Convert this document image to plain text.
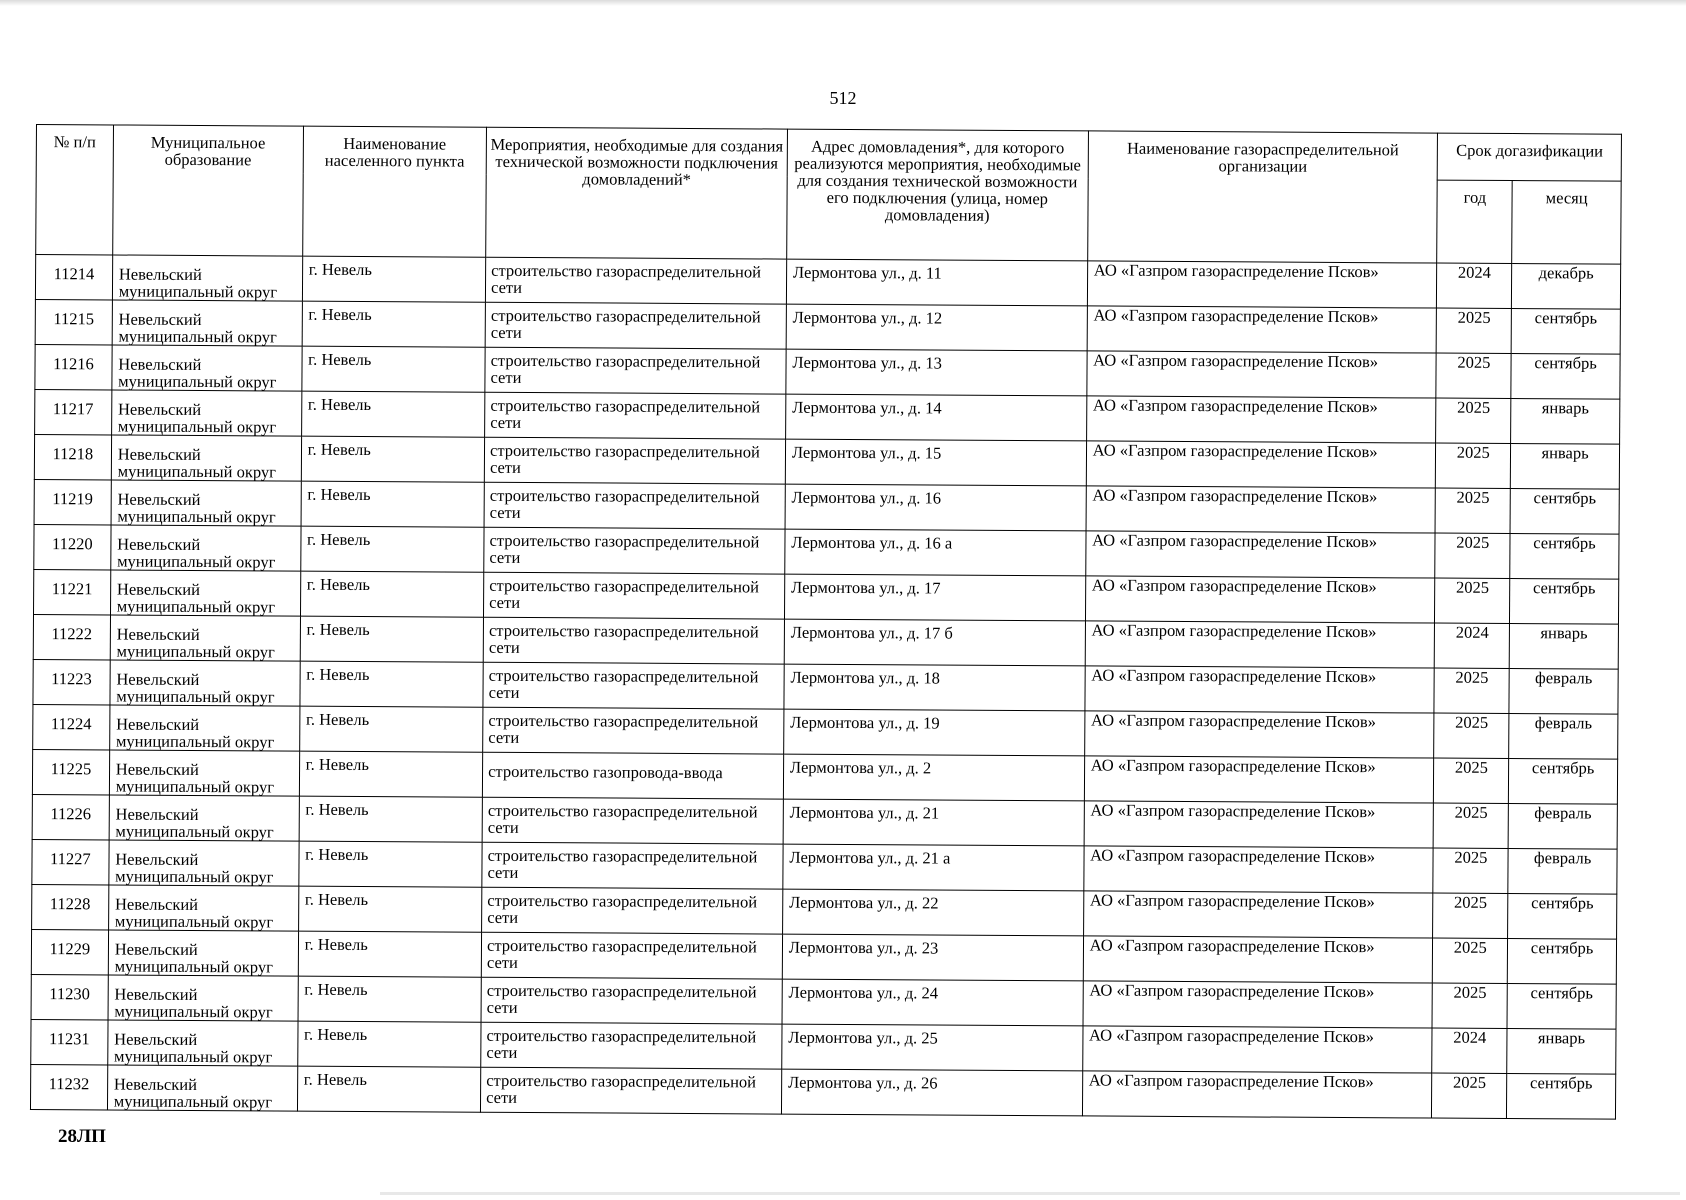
512
№ п/п	Муниципальное образование	Наименование населенного пункта	Мероприятия, необходимые для создания технической возможности подключения домовладений*	Адрес домовладения*, для которого реализуются мероприятия, необходимые для создания технической возможности его подключения (улица, номер домовладения)	Наименование газораспределительной организации	Срок догазификации	
						год	месяц
11214	Невельский муниципальный округ	г. Невель	строительство газораспределительной сети	Лермонтова ул., д. 11	АО «Газпром газораспределение Псков»	2024	декабрь
11215	Невельский муниципальный округ	г. Невель	строительство газораспределительной сети	Лермонтова ул., д. 12	АО «Газпром газораспределение Псков»	2025	сентябрь
11216	Невельский муниципальный округ	г. Невель	строительство газораспределительной сети	Лермонтова ул., д. 13	АО «Газпром газораспределение Псков»	2025	сентябрь
11217	Невельский муниципальный округ	г. Невель	строительство газораспределительной сети	Лермонтова ул., д. 14	АО «Газпром газораспределение Псков»	2025	январь
11218	Невельский муниципальный округ	г. Невель	строительство газораспределительной сети	Лермонтова ул., д. 15	АО «Газпром газораспределение Псков»	2025	январь
11219	Невельский муниципальный округ	г. Невель	строительство газораспределительной сети	Лермонтова ул., д. 16	АО «Газпром газораспределение Псков»	2025	сентябрь
11220	Невельский муниципальный округ	г. Невель	строительство газораспределительной сети	Лермонтова ул., д. 16 а	АО «Газпром газораспределение Псков»	2025	сентябрь
11221	Невельский муниципальный округ	г. Невель	строительство газораспределительной сети	Лермонтова ул., д. 17	АО «Газпром газораспределение Псков»	2025	сентябрь
11222	Невельский муниципальный округ	г. Невель	строительство газораспределительной сети	Лермонтова ул., д. 17 б	АО «Газпром газораспределение Псков»	2024	январь
11223	Невельский муниципальный округ	г. Невель	строительство газораспределительной сети	Лермонтова ул., д. 18	АО «Газпром газораспределение Псков»	2025	февраль
11224	Невельский муниципальный округ	г. Невель	строительство газораспределительной сети	Лермонтова ул., д. 19	АО «Газпром газораспределение Псков»	2025	февраль
11225	Невельский муниципальный округ	г. Невель	строительство газопровода-ввода	Лермонтова ул., д. 2	АО «Газпром газораспределение Псков»	2025	сентябрь
11226	Невельский муниципальный округ	г. Невель	строительство газораспределительной сети	Лермонтова ул., д. 21	АО «Газпром газораспределение Псков»	2025	февраль
11227	Невельский муниципальный округ	г. Невель	строительство газораспределительной сети	Лермонтова ул., д. 21 а	АО «Газпром газораспределение Псков»	2025	февраль
11228	Невельский муниципальный округ	г. Невель	строительство газораспределительной сети	Лермонтова ул., д. 22	АО «Газпром газораспределение Псков»	2025	сентябрь
11229	Невельский муниципальный округ	г. Невель	строительство газораспределительной сети	Лермонтова ул., д. 23	АО «Газпром газораспределение Псков»	2025	сентябрь
11230	Невельский муниципальный округ	г. Невель	строительство газораспределительной сети	Лермонтова ул., д. 24	АО «Газпром газораспределение Псков»	2025	сентябрь
11231	Невельский муниципальный округ	г. Невель	строительство газораспределительной сети	Лермонтова ул., д. 25	АО «Газпром газораспределение Псков»	2024	январь
11232	Невельский муниципальный округ	г. Невель	строительство газораспределительной сети	Лермонтова ул., д. 26	АО «Газпром газораспределение Псков»	2025	сентябрь
28ЛП
